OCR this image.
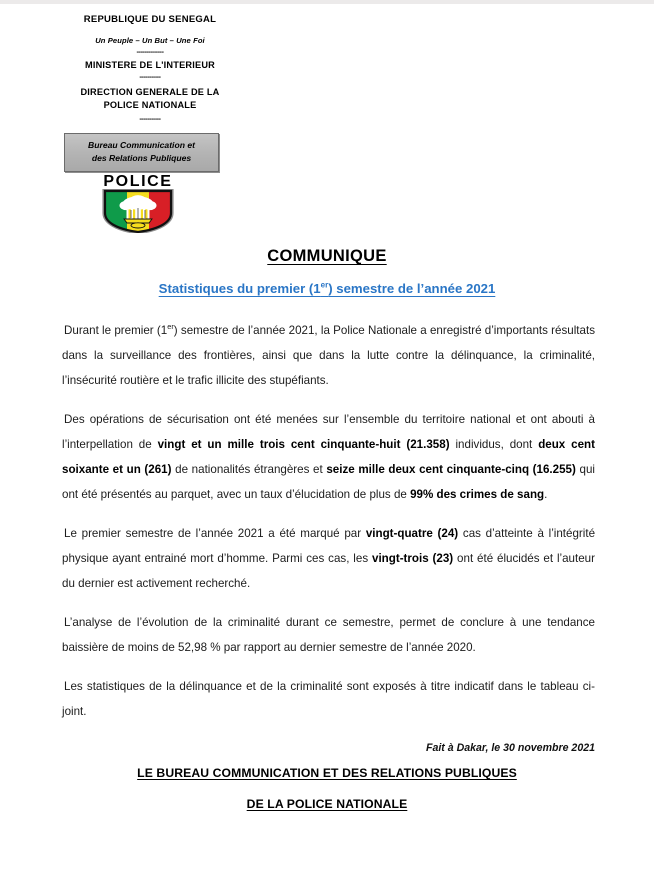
REPUBLIQUE DU SENEGAL
Un Peuple – Un But – Une Foi
--------------
MINISTERE DE L'INTERIEUR
-----------
DIRECTION GENERALE DE LA
POLICE NATIONALE
-----------
Bureau Communication et
des Relations Publiques
POLICE
COMMUNIQUE
Statistiques du premier (1er) semestre de l’année 2021

Durant le premier (1er) semestre de l’année 2021, la Police Nationale a enregistré d’importants résultats dans la surveillance des frontières, ainsi que dans la lutte contre la délinquance, la criminalité, l’insécurité routière et le trafic illicite des stupéfiants.

Des opérations de sécurisation ont été menées sur l’ensemble du territoire national et ont abouti à l’interpellation de vingt et un mille trois cent cinquante-huit (21.358) individus, dont deux cent soixante et un (261) de nationalités étrangères et seize mille deux cent cinquante-cinq (16.255) qui ont été présentés au parquet, avec un taux d’élucidation de plus de 99% des crimes de sang.

Le premier semestre de l’année 2021 a été marqué par vingt-quatre (24) cas d’atteinte à l’intégrité physique ayant entrainé mort d’homme. Parmi ces cas, les vingt-trois (23) ont été élucidés et l’auteur du dernier est activement recherché.

L’analyse de l’évolution de la criminalité durant ce semestre, permet de conclure à une tendance baissière de moins de 52,98 % par rapport au dernier semestre de l’année 2020.

Les statistiques de la délinquance et de la criminalité sont exposés à titre indicatif dans le tableau ci-joint.

Fait à Dakar, le 30 novembre 2021
LE BUREAU COMMUNICATION ET DES RELATIONS PUBLIQUES
DE LA POLICE NATIONALE
